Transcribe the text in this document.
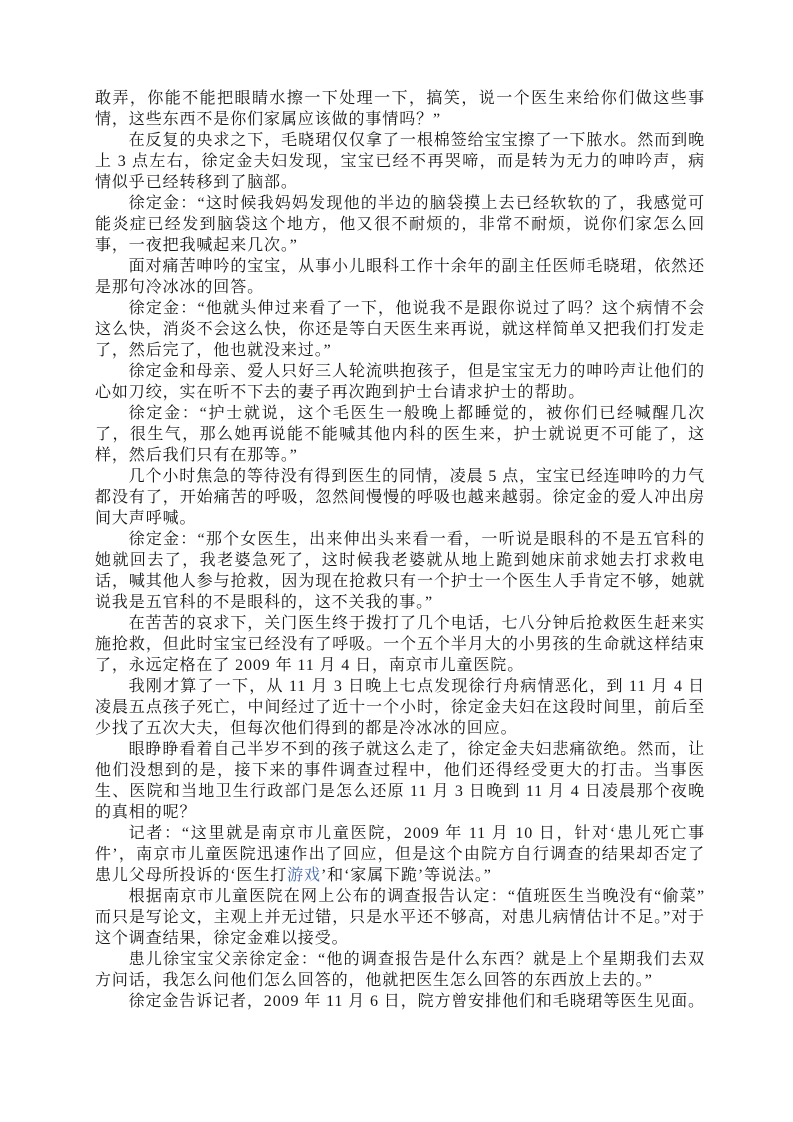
敢弄，你能不能把眼睛水擦一下处理一下，搞笑，说一个医生来给你们做这些事情，这些东西不是你们家属应该做的事情吗？”

在反复的央求之下，毛晓珺仅仅拿了一根棉签给宝宝擦了一下脓水。然而到晚上 3 点左右，徐定金夫妇发现，宝宝已经不再哭啼，而是转为无力的呻吟声，病情似乎已经转移到了脑部。

徐定金：“这时候我妈妈发现他的半边的脑袋摸上去已经软软的了，我感觉可能炎症已经发到脑袋这个地方，他又很不耐烦的，非常不耐烦，说你们家怎么回事，一夜把我喊起来几次。”

面对痛苦呻吟的宝宝，从事小儿眼科工作十余年的副主任医师毛晓珺，依然还是那句冷冰冰的回答。

徐定金：“他就头伸过来看了一下，他说我不是跟你说过了吗？这个病情不会这么快，消炎不会这么快，你还是等白天医生来再说，就这样简单又把我们打发走了，然后完了，他也就没来过。”

徐定金和母亲、爱人只好三人轮流哄抱孩子，但是宝宝无力的呻吟声让他们的心如刀绞，实在听不下去的妻子再次跑到护士台请求护士的帮助。

徐定金：“护士就说，这个毛医生一般晚上都睡觉的，被你们已经喊醒几次了，很生气，那么她再说能不能喊其他内科的医生来，护士就说更不可能了，这样，然后我们只有在那等。”

几个小时焦急的等待没有得到医生的同情，凌晨 5 点，宝宝已经连呻吟的力气都没有了，开始痛苦的呼吸，忽然间慢慢的呼吸也越来越弱。徐定金的爱人冲出房间大声呼喊。

徐定金：“那个女医生，出来伸出头来看一看，一听说是眼科的不是五官科的她就回去了，我老婆急死了，这时候我老婆就从地上跪到她床前求她去打求救电话，喊其他人参与抢救，因为现在抢救只有一个护士一个医生人手肯定不够，她就说我是五官科的不是眼科的，这不关我的事。”

在苦苦的哀求下，关门医生终于拨打了几个电话，七八分钟后抢救医生赶来实施抢救，但此时宝宝已经没有了呼吸。一个五个半月大的小男孩的生命就这样结束了，永远定格在了 2009 年 11 月 4 日，南京市儿童医院。

我刚才算了一下，从 11 月 3 日晚上七点发现徐行舟病情恶化，到 11 月 4 日凌晨五点孩子死亡，中间经过了近十一个小时，徐定金夫妇在这段时间里，前后至少找了五次大夫，但每次他们得到的都是冷冰冰的回应。

眼睁睁看着自己半岁不到的孩子就这么走了，徐定金夫妇悲痛欲绝。然而，让他们没想到的是，接下来的事件调查过程中，他们还得经受更大的打击。当事医生、医院和当地卫生行政部门是怎么还原 11 月 3 日晚到 11 月 4 日凌晨那个夜晚的真相的呢？

记者：“这里就是南京市儿童医院，2009 年 11 月 10 日，针对‘患儿死亡事件’，南京市儿童医院迅速作出了回应，但是这个由院方自行调查的结果却否定了患儿父母所投诉的‘医生打游戏’和‘家属下跪’等说法。”

根据南京市儿童医院在网上公布的调查报告认定：“值班医生当晚没有“偷菜”而只是写论文，主观上并无过错，只是水平还不够高，对患儿病情估计不足。”对于这个调查结果，徐定金难以接受。

患儿徐宝宝父亲徐定金：“他的调查报告是什么东西？就是上个星期我们去双方问话，我怎么问他们怎么回答的，他就把医生怎么回答的东西放上去的。”

徐定金告诉记者，2009 年 11 月 6 日，院方曾安排他们和毛晓珺等医生见面。
